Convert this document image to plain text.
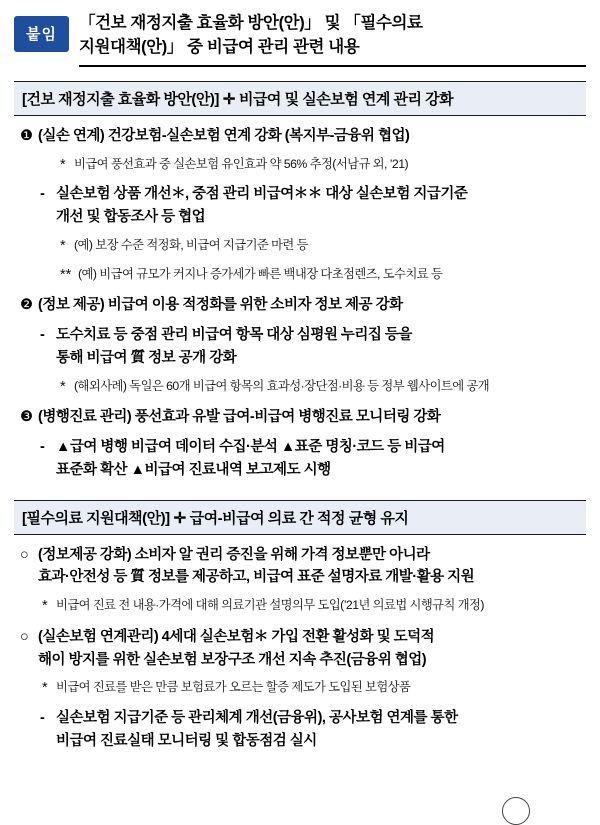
붙임
「건보 재정지출 효율화 방안(안)」 및 「필수의료
지원대책(안)」 중 비급여 관리 관련 내용
[건보 재정지출 효율화 방안(안)] ✛ 비급여 및 실손보험 연계 관리 강화
❶ (실손 연계) 건강보험-실손보험 연계 강화 (복지부-금융위 협업)
* 비급여 풍선효과 중 실손보험 유인효과 약 56% 추정(서남규 외, ’21)
- 실손보험 상품 개선＊, 중점 관리 비급여＊＊ 대상 실손보험 지급기준
개선 및 합동조사 등 협업
* (예) 보장 수준 적정화, 비급여 지급기준 마련 등
** (예) 비급여 규모가 커지나 증가세가 빠른 백내장 다초점렌즈, 도수치료 등
❷ (정보 제공) 비급여 이용 적정화를 위한 소비자 정보 제공 강화
- 도수치료 등 중점 관리 비급여 항목 대상 심평원 누리집 등을
통해 비급여 質 정보 공개 강화
* (해외사례) 독일은 60개 비급여 항목의 효과성·장단점·비용 등 정부 웹사이트에 공개
❸ (병행진료 관리) 풍선효과 유발 급여-비급여 병행진료 모니터링 강화
- ▲급여 병행 비급여 데이터 수집·분석 ▲표준 명칭·코드 등 비급여
표준화 확산 ▲비급여 진료내역 보고제도 시행
[필수의료 지원대책(안)] ✛ 급여-비급여 의료 간 적정 균형 유지
○ (정보제공 강화) 소비자 알 권리 증진을 위해 가격 정보뿐만 아니라
효과·안전성 등 質 정보를 제공하고, 비급여 표준 설명자료 개발·활용 지원
* 비급여 진료 전 내용·가격에 대해 의료기관 설명의무 도입(’21년 의료법 시행규칙 개정)
○ (실손보험 연계관리) 4세대 실손보험＊ 가입 전환 활성화 및 도덕적
해이 방지를 위한 실손보험 보장구조 개선 지속 추진(금융위 협업)
* 비급여 진료를 받은 만큼 보험료가 오르는 할증 제도가 도입된 보험상품
- 실손보험 지급기준 등 관리체계 개선(금융위), 공사보험 연계를 통한
비급여 진료실태 모니터링 및 합동점검 실시
